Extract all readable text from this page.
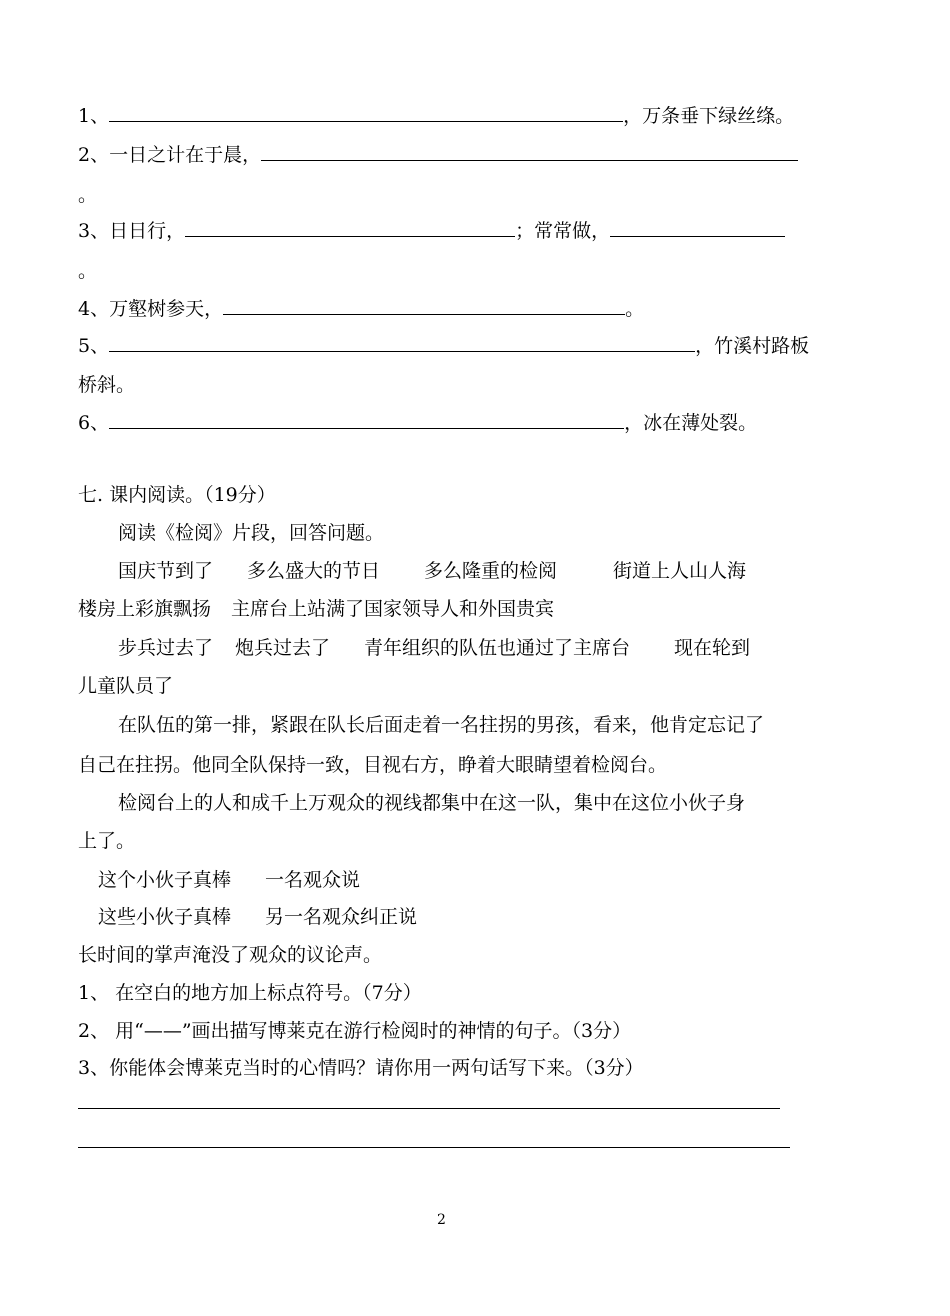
1、	，万条垂下绿丝绦。
2、一日之计在于晨，
。
3、日日行，	；常常做，
。
4、万壑树参天，	。
5、	，竹溪村路板
桥斜。
6、	，冰在薄处裂。
七. 课内阅读。（19分）
阅读《检阅》片段，回答问题。
国庆节到了 多么盛大的节日 多么隆重的检阅	街道上人山人海
楼房上彩旗飘扬 主席台上站满了国家领导人和外国贵宾
步兵过去了 炮兵过去了 青年组织的队伍也通过了主席台 现在轮到
儿童队员了
在队伍的第一排，紧跟在队长后面走着一名拄拐的男孩，看来，他肯定忘记了
自己在拄拐。他同全队保持一致，目视右方，睁着大眼睛望着检阅台。
检阅台上的人和成千上万观众的视线都集中在这一队，集中在这位小伙子身
上了。
这个小伙子真棒 一名观众说
这些小伙子真棒 另一名观众纠正说
长时间的掌声淹没了观众的议论声。
1、 在空白的地方加上标点符号。（7分）
2、 用“——”画出描写博莱克在游行检阅时的神情的句子。（3分）
3、你能体会博莱克当时的心情吗？请你用一两句话写下来。（3分）
2
